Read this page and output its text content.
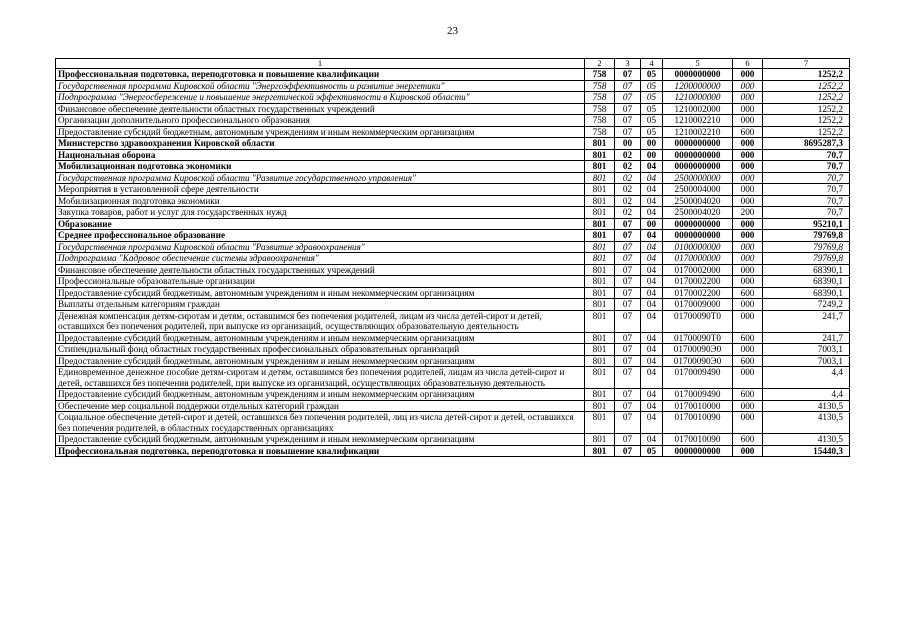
23
1	2	3	4	5	6	7
Профессиональная подготовка, переподготовка и повышение квалификации	758	07	05	0000000000	000	1252,2
Государственная программа Кировской области "Энергоэффективность и развитие энергетики"	758	07	05	1200000000	000	1252,2
Подпрограмма "Энергосбережение и повышение энергетической эффективности в Кировской области"	758	07	05	1210000000	000	1252,2
Финансовое обеспечение деятельности областных государственных учреждений	758	07	05	1210002000	000	1252,2
Организации дополнительного профессионального образования	758	07	05	1210002210	000	1252,2
Предоставление субсидий бюджетным, автономным учреждениям и иным некоммерческим организациям	758	07	05	1210002210	600	1252,2
Министерство здравоохранения Кировской области	801	00	00	0000000000	000	8695287,3
Национальная оборона	801	02	00	0000000000	000	70,7
Мобилизационная подготовка экономики	801	02	04	0000000000	000	70,7
Государственная программа Кировской области "Развитие государственного управления"	801	02	04	2500000000	000	70,7
Мероприятия в установленной сфере деятельности	801	02	04	2500004000	000	70,7
Мобилизационная подготовка экономики	801	02	04	2500004020	000	70,7
Закупка товаров, работ и услуг для государственных нужд	801	02	04	2500004020	200	70,7
Образование	801	07	00	0000000000	000	95210,1
Среднее профессиональное образование	801	07	04	0000000000	000	79769,8
Государственная программа Кировской области "Развитие здравоохранения"	801	07	04	0100000000	000	79769,8
Подпрограмма "Кадровое обеспечение системы здравоохранения"	801	07	04	0170000000	000	79769,8
Финансовое обеспечение деятельности областных государственных учреждений	801	07	04	0170002000	000	68390,1
Профессиональные образовательные организации	801	07	04	0170002200	000	68390,1
Предоставление субсидий бюджетным, автономным учреждениям и иным некоммерческим организациям	801	07	04	0170002200	600	68390,1
Выплаты отдельным категориям граждан	801	07	04	0170009000	000	7249,2
Денежная компенсация детям-сиротам и детям, оставшимся без попечения родителей, лицам из числа детей-сирот и детей, оставшихся без попечения родителей, при выпуске из организаций, осуществляющих образовательную деятельность	801	07	04	01700090Т0	000	241,7
Предоставление субсидий бюджетным, автономным учреждениям и иным некоммерческим организациям	801	07	04	01700090Т0	600	241,7
Стипендиальный фонд областных государственных профессиональных образовательных организаций	801	07	04	01700090Э0	000	7003,1
Предоставление субсидий бюджетным, автономным учреждениям и иным некоммерческим организациям	801	07	04	01700090Э0	600	7003,1
Единовременное денежное пособие детям-сиротам и детям, оставшимся без попечения родителей, лицам из числа детей-сирот и детей, оставшихся без попечения родителей, при выпуске из организаций, осуществляющих образовательную деятельность	801	07	04	0170009490	000	4,4
Предоставление субсидий бюджетным, автономным учреждениям и иным некоммерческим организациям	801	07	04	0170009490	600	4,4
Обеспечение мер социальной поддержки отдельных категорий граждан	801	07	04	0170010000	000	4130,5
Социальное обеспечение детей-сирот и детей, оставшихся без попечения родителей, лиц из числа детей-сирот и детей, оставшихся без попечения родителей, в областных государственных организациях	801	07	04	0170010090	000	4130,5
Предоставление субсидий бюджетным, автономным учреждениям и иным некоммерческим организациям	801	07	04	0170010090	600	4130,5
Профессиональная подготовка, переподготовка и повышение квалификации	801	07	05	0000000000	000	15440,3
